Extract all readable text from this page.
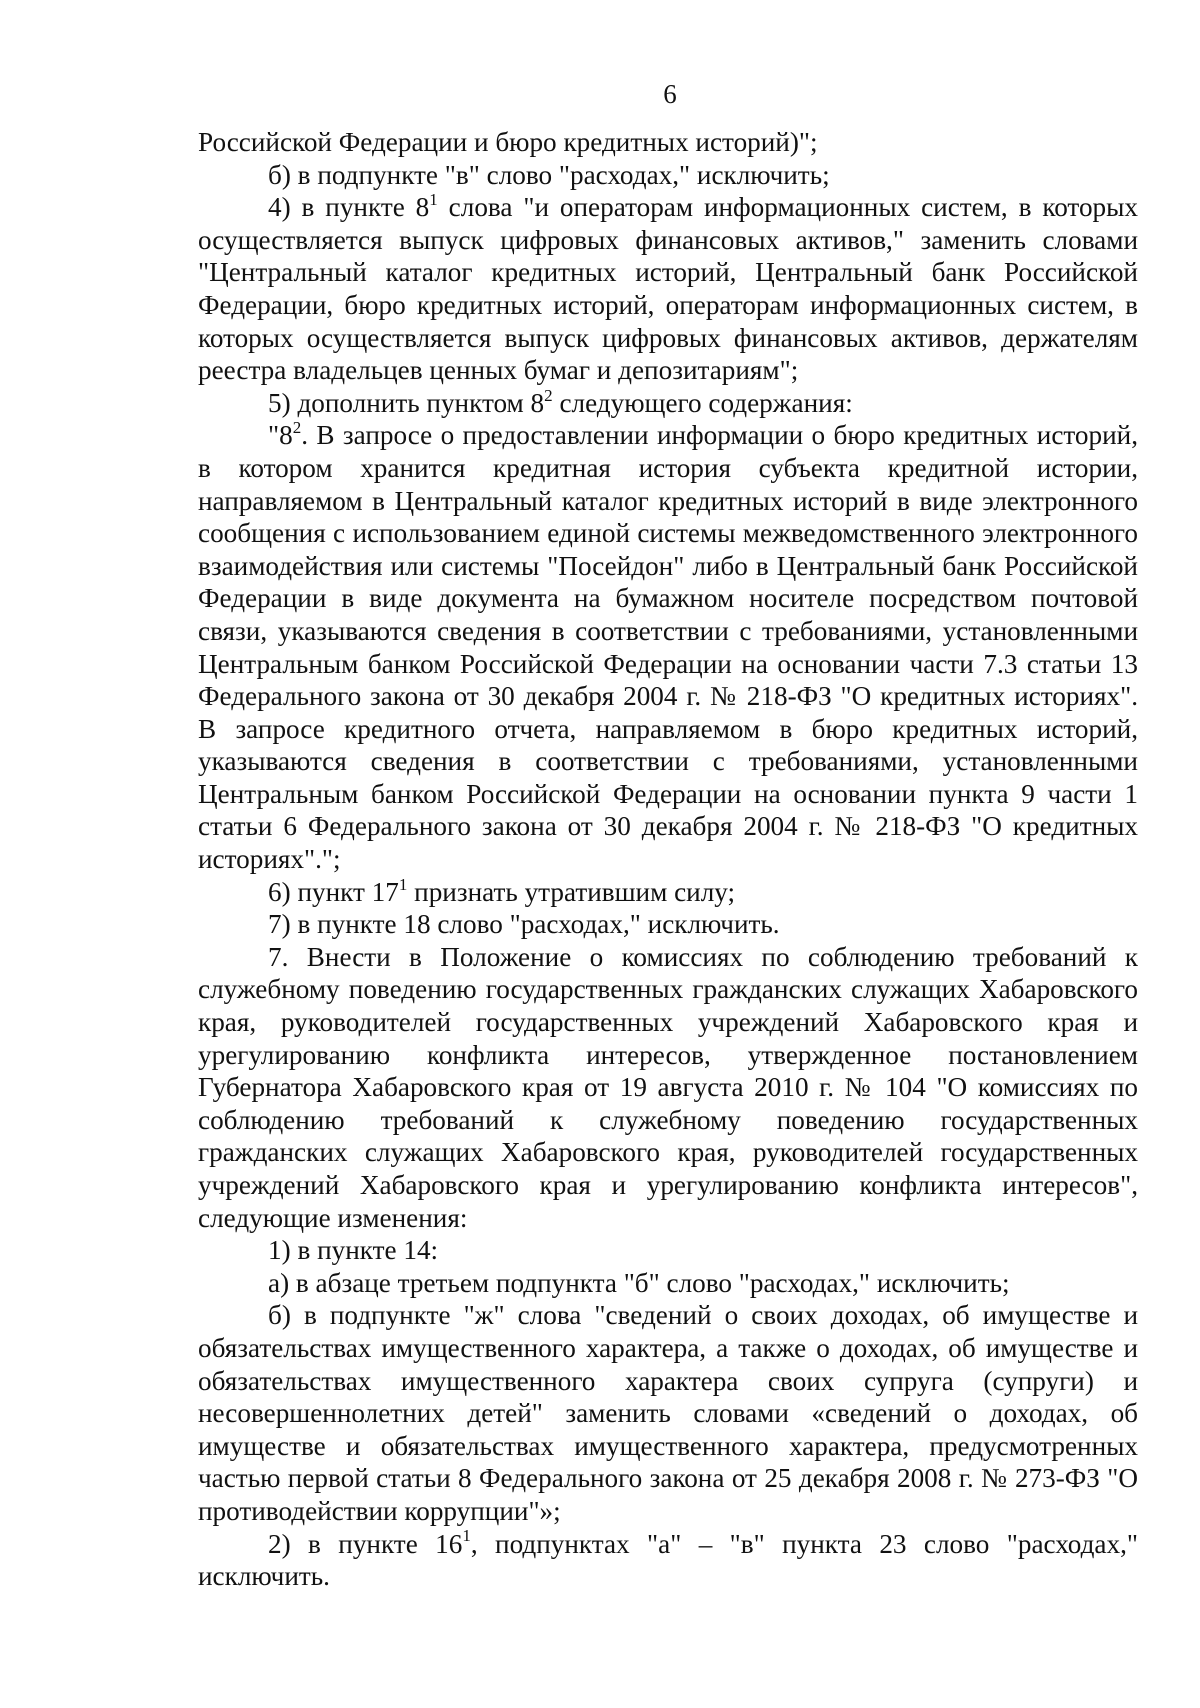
6

Российской Федерации и бюро кредитных историй)";

б) в подпункте "в" слово "расходах," исключить;

4) в пункте $8^1$ слова "и операторам информационных систем, в которых осуществляется выпуск цифровых финансовых активов," заменить словами "Центральный каталог кредитных историй, Центральный банк Российской Федерации, бюро кредитных историй, операторам информационных систем, в которых осуществляется выпуск цифровых финансовых активов, держателям реестра владельцев ценных бумаг и депозитариям";

5) дополнить пунктом $8^2$ следующего содержания:

"$8^2$. В запросе о предоставлении информации о бюро кредитных историй, в котором хранится кредитная история субъекта кредитной истории, направляемом в Центральный каталог кредитных историй в виде электронного сообщения с использованием единой системы межведомственного электронного взаимодействия или системы "Посейдон" либо в Центральный банк Российской Федерации в виде документа на бумажном носителе посредством почтовой связи, указываются сведения в соответствии с требованиями, установленными Центральным банком Российской Федерации на основании части 7.3 статьи 13 Федерального закона от 30 декабря 2004 г. № 218-ФЗ "О кредитных историях". В запросе кредитного отчета, направляемом в бюро кредитных историй, указываются сведения в соответствии с требованиями, установленными Центральным банком Российской Федерации на основании пункта 9 части 1 статьи 6 Федерального закона от 30 декабря 2004 г. № 218-ФЗ "О кредитных историях".";

6) пункт $17^1$ признать утратившим силу;

7) в пункте 18 слово "расходах," исключить.

7. Внести в Положение о комиссиях по соблюдению требований к служебному поведению государственных гражданских служащих Хабаровского края, руководителей государственных учреждений Хабаровского края и урегулированию конфликта интересов, утвержденное постановлением Губернатора Хабаровского края от 19 августа 2010 г. № 104 "О комиссиях по соблюдению требований к служебному поведению государственных гражданских служащих Хабаровского края, руководителей государственных учреждений Хабаровского края и урегулированию конфликта интересов", следующие изменения:

1) в пункте 14:

а) в абзаце третьем подпункта "б" слово "расходах," исключить;

б) в подпункте "ж" слова "сведений о своих доходах, об имуществе и обязательствах имущественного характера, а также о доходах, об имуществе и обязательствах имущественного характера своих супруга (супруги) и несовершеннолетних детей" заменить словами «сведений о доходах, об имуществе и обязательствах имущественного характера, предусмотренных частью первой статьи 8 Федерального закона от 25 декабря 2008 г. № 273-ФЗ "О противодействии коррупции"»;

2) в пункте $16^1$, подпунктах "а" – "в" пункта 23 слово "расходах," исключить.
